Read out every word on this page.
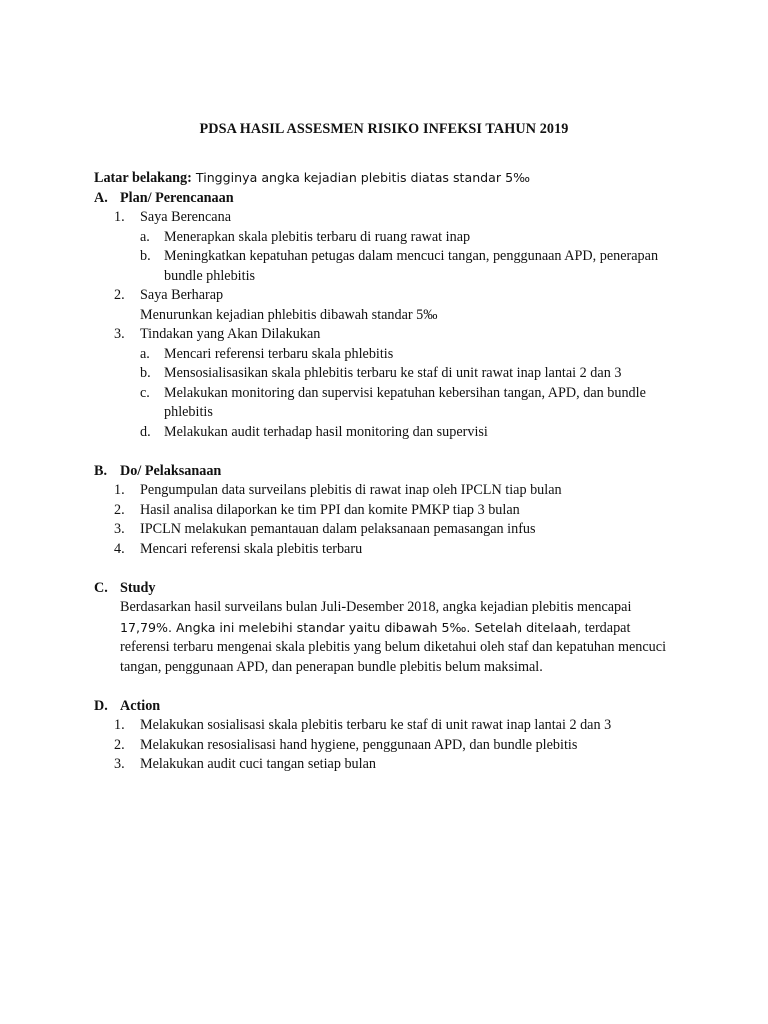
PDSA HASIL ASSESMEN RISIKO INFEKSI TAHUN 2019

Latar belakang: Tingginya angka kejadian plebitis diatas standar 5‰

A. Plan/ Perencanaan
1.	Saya Berencana
a. Menerapkan skala plebitis terbaru di ruang rawat inap
b. Meningkatkan kepatuhan petugas dalam mencuci tangan, penggunaan APD, penerapan bundle phlebitis
2.	Saya Berharap
Menurunkan kejadian phlebitis dibawah standar 5‰
3.	Tindakan yang Akan Dilakukan
a. Mencari referensi terbaru skala phlebitis
b. Mensosialisasikan skala phlebitis terbaru ke staf di unit rawat inap lantai 2 dan 3
c. Melakukan monitoring dan supervisi kepatuhan kebersihan tangan, APD, dan bundle phlebitis
d. Melakukan audit terhadap hasil monitoring dan supervisi
B. Do/ Pelaksanaan
1.	Pengumpulan data surveilans plebitis di rawat inap oleh IPCLN tiap bulan
2.	Hasil analisa dilaporkan ke tim PPI dan komite PMKP tiap 3 bulan
3.	IPCLN melakukan pemantauan dalam pelaksanaan pemasangan infus
4.	Mencari referensi skala plebitis terbaru
C. Study
Berdasarkan hasil surveilans bulan Juli-Desember 2018, angka kejadian plebitis mencapai 17,79%. Angka ini melebihi standar yaitu dibawah 5‰. Setelah ditelaah, terdapat referensi terbaru mengenai skala plebitis yang belum diketahui oleh staf dan kepatuhan mencuci tangan, penggunaan APD, dan penerapan bundle plebitis belum maksimal.
D. Action
1.	Melakukan sosialisasi skala plebitis terbaru ke staf di unit rawat inap lantai 2 dan 3
2.	Melakukan resosialisasi hand hygiene, penggunaan APD, dan bundle plebitis
3.	Melakukan audit cuci tangan setiap bulan
